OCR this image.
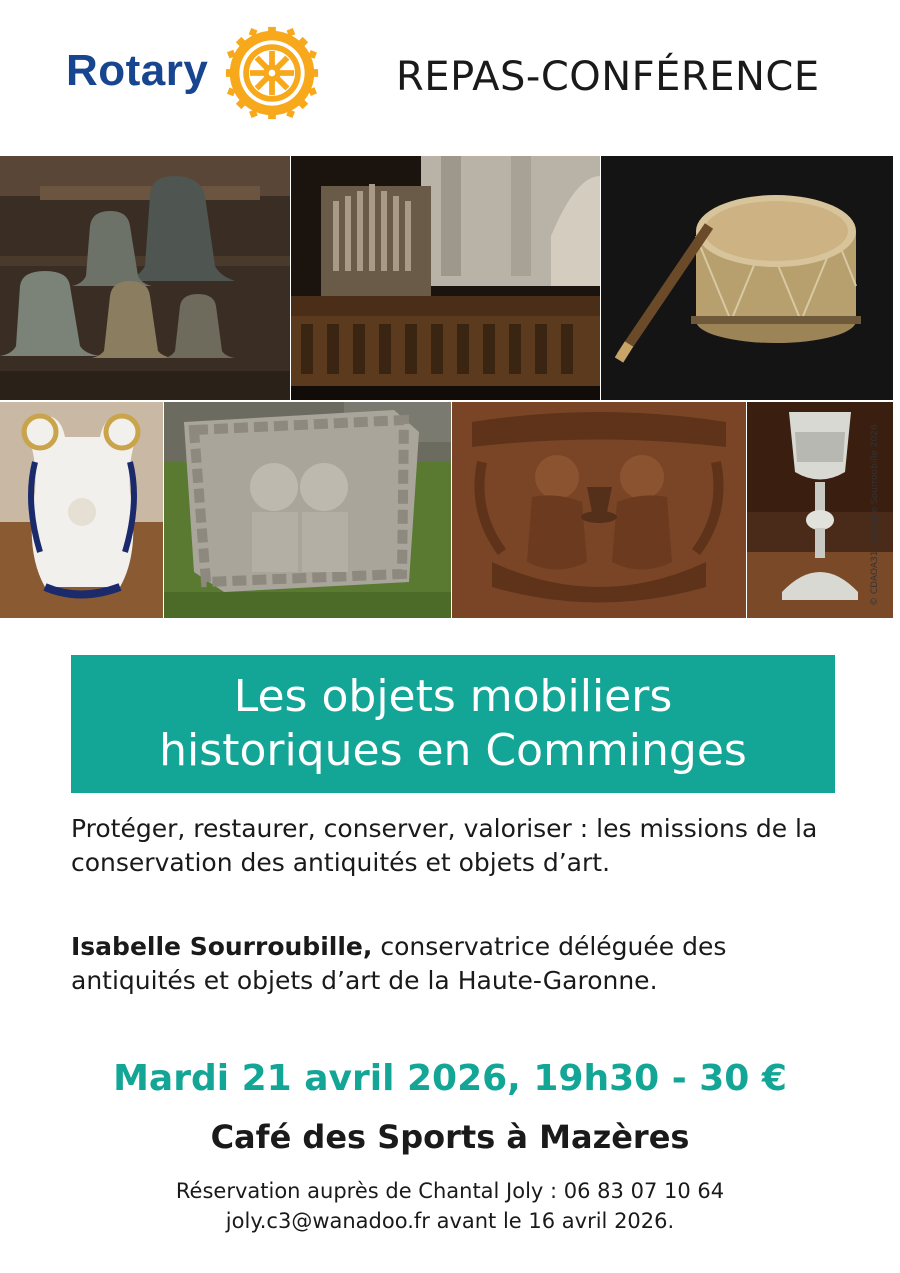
Rotary	REPAS-CONFÉRENCE
© CDAOA31 - Isabelle Sourroubille 2026
Les objets mobiliers
historiques en Comminges
Protéger, restaurer, conserver, valoriser : les missions de la conservation des antiquités et objets d’art.
Isabelle Sourroubille, conservatrice déléguée des antiquités et objets d’art de la Haute-Garonne.
Mardi 21 avril 2026, 19h30 - 30 €
Café des Sports à Mazères
Réservation auprès de Chantal Joly : 06 83 07 10 64
joly.c3@wanadoo.fr avant le 16 avril 2026.
